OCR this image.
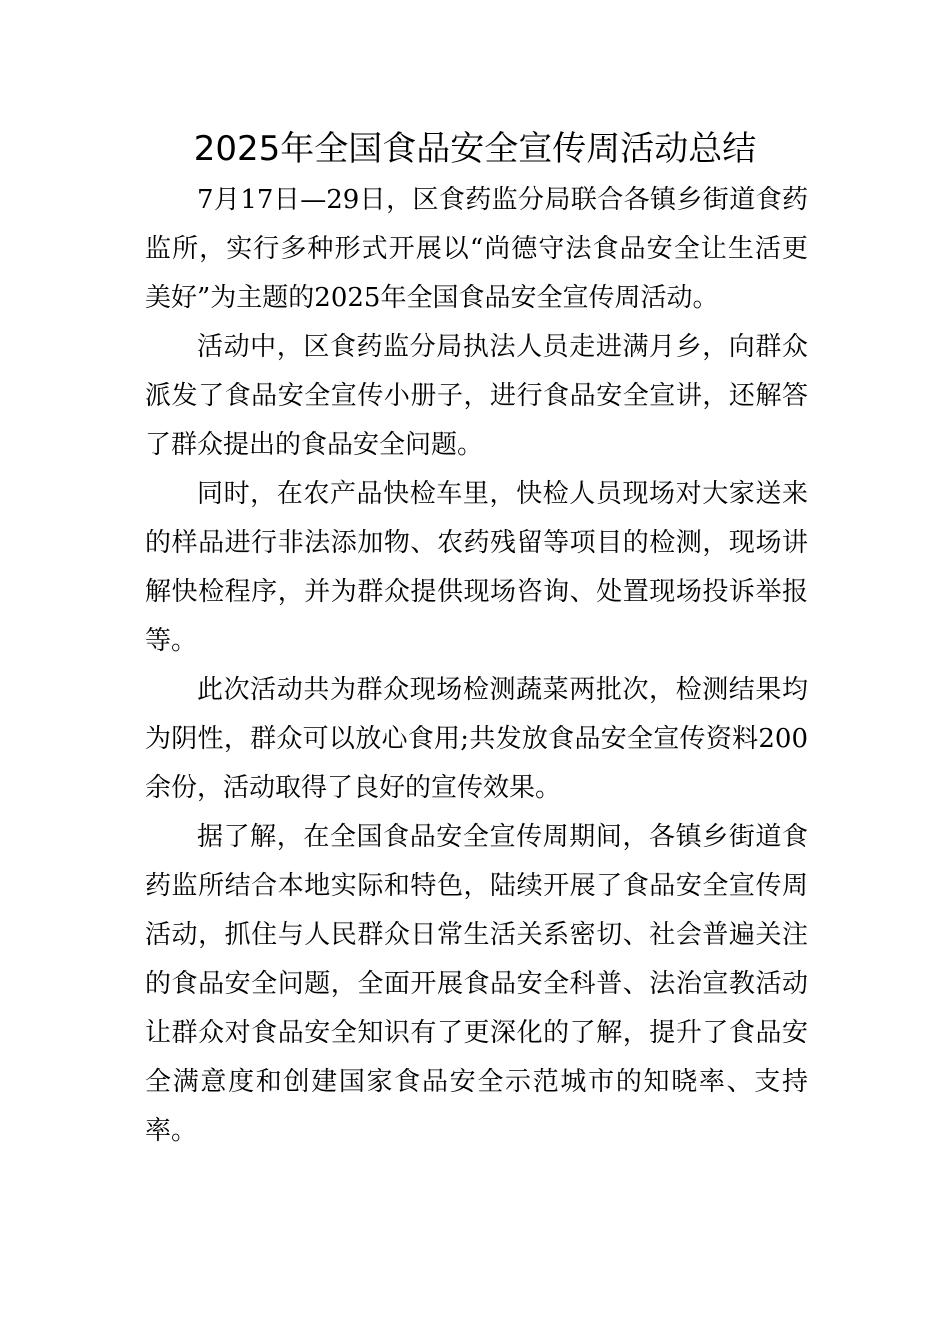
2025年全国食品安全宣传周活动总结

7月17日—29日，区食药监分局联合各镇乡街道食药监所，实行多种形式开展以“尚德守法食品安全让生活更美好”为主题的2025年全国食品安全宣传周活动。

活动中，区食药监分局执法人员走进满月乡，向群众派发了食品安全宣传小册子，进行食品安全宣讲，还解答了群众提出的食品安全问题。

同时，在农产品快检车里，快检人员现场对大家送来的样品进行非法添加物、农药残留等项目的检测，现场讲解快检程序，并为群众提供现场咨询、处置现场投诉举报等。

此次活动共为群众现场检测蔬菜两批次，检测结果均为阴性，群众可以放心食用;共发放食品安全宣传资料200余份，活动取得了良好的宣传效果。

据了解，在全国食品安全宣传周期间，各镇乡街道食药监所结合本地实际和特色，陆续开展了食品安全宣传周活动，抓住与人民群众日常生活关系密切、社会普遍关注的食品安全问题，全面开展食品安全科普、法治宣教活动让群众对食品安全知识有了更深化的了解，提升了食品安全满意度和创建国家食品安全示范城市的知晓率、支持率。
